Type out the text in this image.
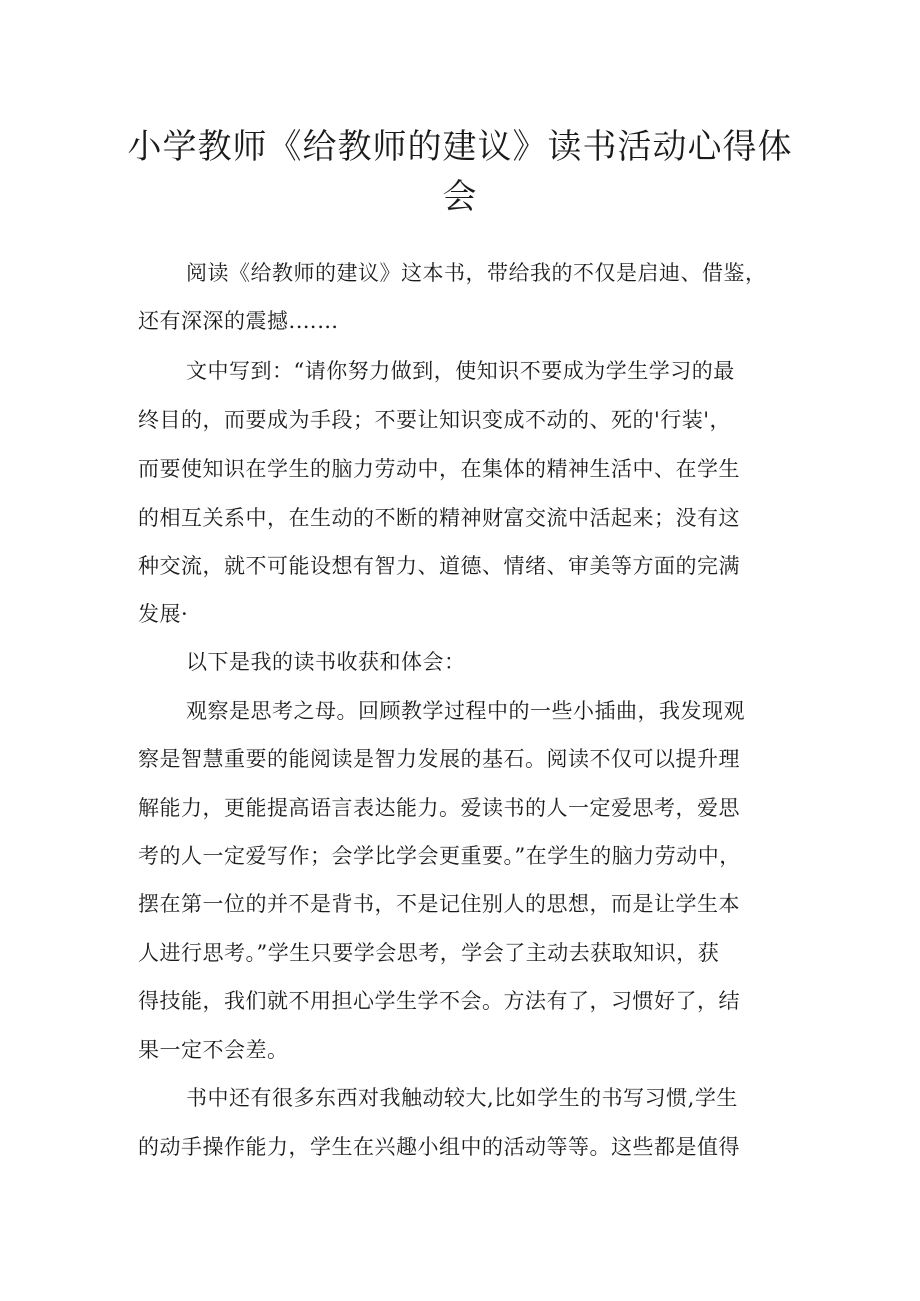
小学教师《给教师的建议》读书活动心得体会

阅读《给教师的建议》这本书，带给我的不仅是启迪、借鉴，

还有深深的震撼.……

文中写到：“请你努力做到，使知识不要成为学生学习的最

终目的，而要成为手段；不要让知识变成不动的、死的'行装'，

而要使知识在学生的脑力劳动中，在集体的精神生活中、在学生

的相互关系中，在生动的不断的精神财富交流中活起来；没有这

种交流，就不可能设想有智力、道德、情绪、审美等方面的完满

发展·

以下是我的读书收获和体会：

观察是思考之母。回顾教学过程中的一些小插曲，我发现观

察是智慧重要的能阅读是智力发展的基石。阅读不仅可以提升理

解能力，更能提高语言表达能力。爱读书的人一定爱思考，爱思

考的人一定爱写作；会学比学会更重要。”在学生的脑力劳动中，

摆在第一位的并不是背书，不是记住别人的思想，而是让学生本

人进行思考。”学生只要学会思考，学会了主动去获取知识，获

得技能，我们就不用担心学生学不会。方法有了，习惯好了，结

果一定不会差。

书中还有很多东西对我触动较大,比如学生的书写习惯,学生

的动手操作能力，学生在兴趣小组中的活动等等。这些都是值得
